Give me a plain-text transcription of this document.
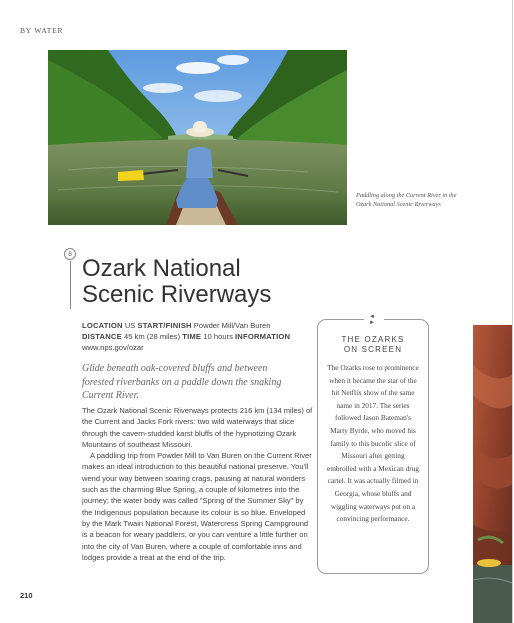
BY WATER
Paddling along the Current River in the Ozark National Scenic Riverways
8
Ozark National
Scenic Riverways
LOCATION US START/FINISH Powder Mill/Van Buren
DISTANCE 45 km (28 miles) TIME 10 hours INFORMATION
www.nps.gov/ozar
Glide beneath oak-covered bluffs and between forested riverbanks on a paddle down the snaking Current River.

The Ozark National Scenic Riverways protects 216 km (134 miles) of the Current and Jacks Fork rivers: two wild waterways that slice through the cavern-studded karst bluffs of the hypnotizing Ozark Mountains of southeast Missouri.

A paddling trip from Powder Mill to Van Buren on the Current River makes an ideal introduction to this beautiful national preserve. You'll wend your way between soaring crags, pausing at natural wonders such as the charming Blue Spring, a couple of kilometres into the journey; the water body was called "Spring of the Summer Sky" by the Indigenous population because its colour is so blue. Enveloped by the Mark Twain National Forest, Watercress Spring Campground is a beacon for weary paddlers, or you can venture a little further on into the city of Van Buren, where a couple of comfortable inns and lodges provide a treat at the end of the trip.

◄ ►
THE OZARKS
ON SCREEN
The Ozarks rose to prominence when it became the star of the hit Netflix show of the same name in 2017. The series followed Jason Bateman's Marty Byrde, who moved his family to this bucolic slice of Missouri after getting embroiled with a Mexican drug cartel. It was actually filmed in Georgia, whose bluffs and wiggling waterways put on a convincing performance.
210
